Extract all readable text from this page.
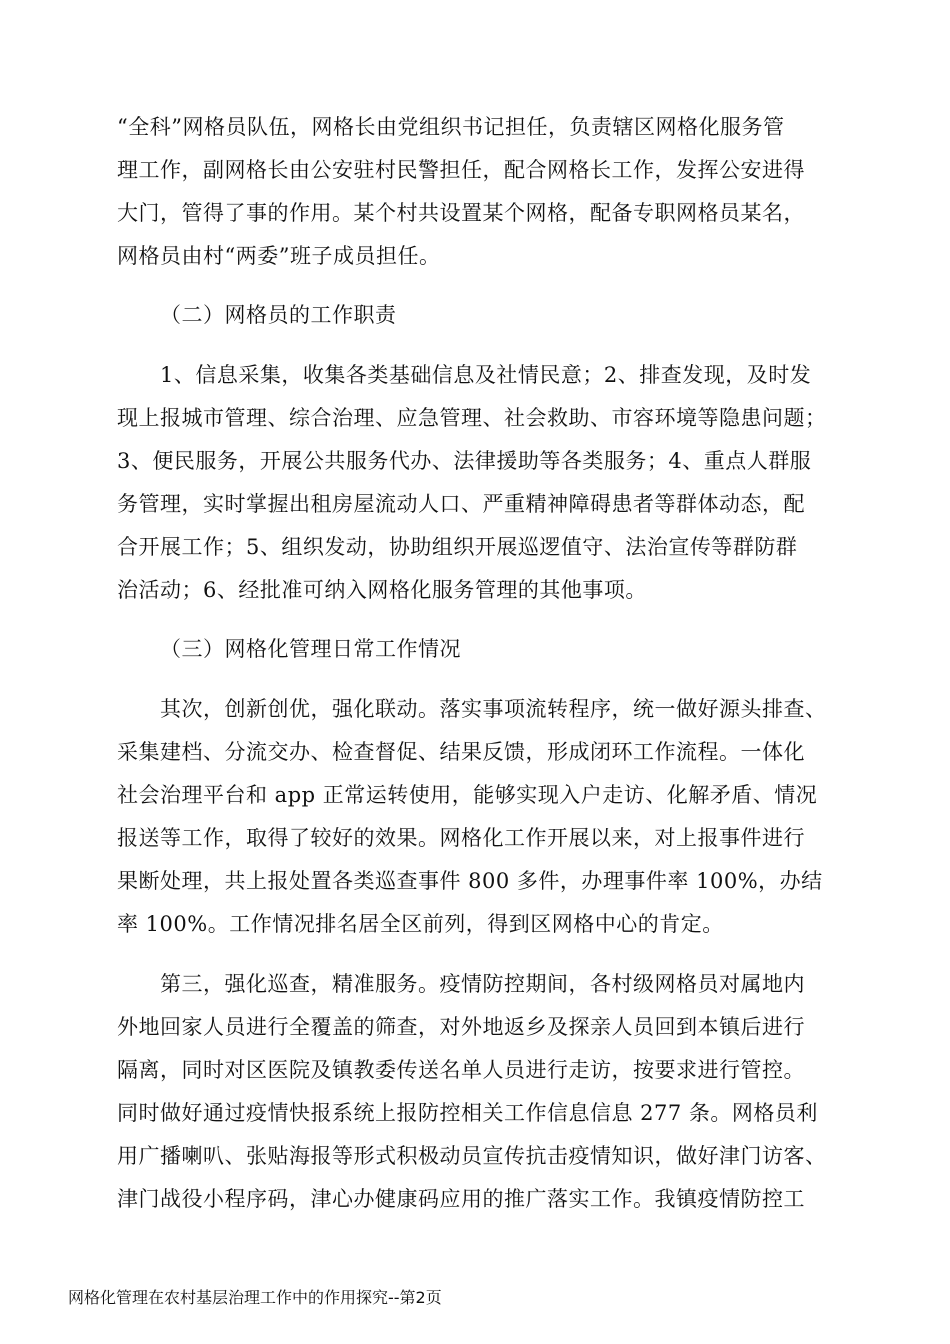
“全科”网格员队伍，网格长由党组织书记担任，负责辖区网格化服务管
理工作，副网格长由公安驻村民警担任，配合网格长工作，发挥公安进得
大门，管得了事的作用。某个村共设置某个网格，配备专职网格员某名，
网格员由村“两委”班子成员担任。
（二）网格员的工作职责
1、信息采集，收集各类基础信息及社情民意；2、排查发现，及时发
现上报城市管理、综合治理、应急管理、社会救助、市容环境等隐患问题；
3、便民服务，开展公共服务代办、法律援助等各类服务；4、重点人群服
务管理，实时掌握出租房屋流动人口、严重精神障碍患者等群体动态，配
合开展工作；5、组织发动，协助组织开展巡逻值守、法治宣传等群防群
治活动；6、经批准可纳入网格化服务管理的其他事项。
（三）网格化管理日常工作情况
其次，创新创优，强化联动。落实事项流转程序，统一做好源头排查、
采集建档、分流交办、检查督促、结果反馈，形成闭环工作流程。一体化
社会治理平台和 app 正常运转使用，能够实现入户走访、化解矛盾、情况
报送等工作，取得了较好的效果。网格化工作开展以来，对上报事件进行
果断处理，共上报处置各类巡查事件 800 多件，办理事件率 100%，办结
率 100%。工作情况排名居全区前列，得到区网格中心的肯定。
第三，强化巡查，精准服务。疫情防控期间，各村级网格员对属地内
外地回家人员进行全覆盖的筛查，对外地返乡及探亲人员回到本镇后进行
隔离，同时对区医院及镇教委传送名单人员进行走访，按要求进行管控。
同时做好通过疫情快报系统上报防控相关工作信息信息 277 条。网格员利
用广播喇叭、张贴海报等形式积极动员宣传抗击疫情知识，做好津门访客、
津门战役小程序码，津心办健康码应用的推广落实工作。我镇疫情防控工
网格化管理在农村基层治理工作中的作用探究--第2页
